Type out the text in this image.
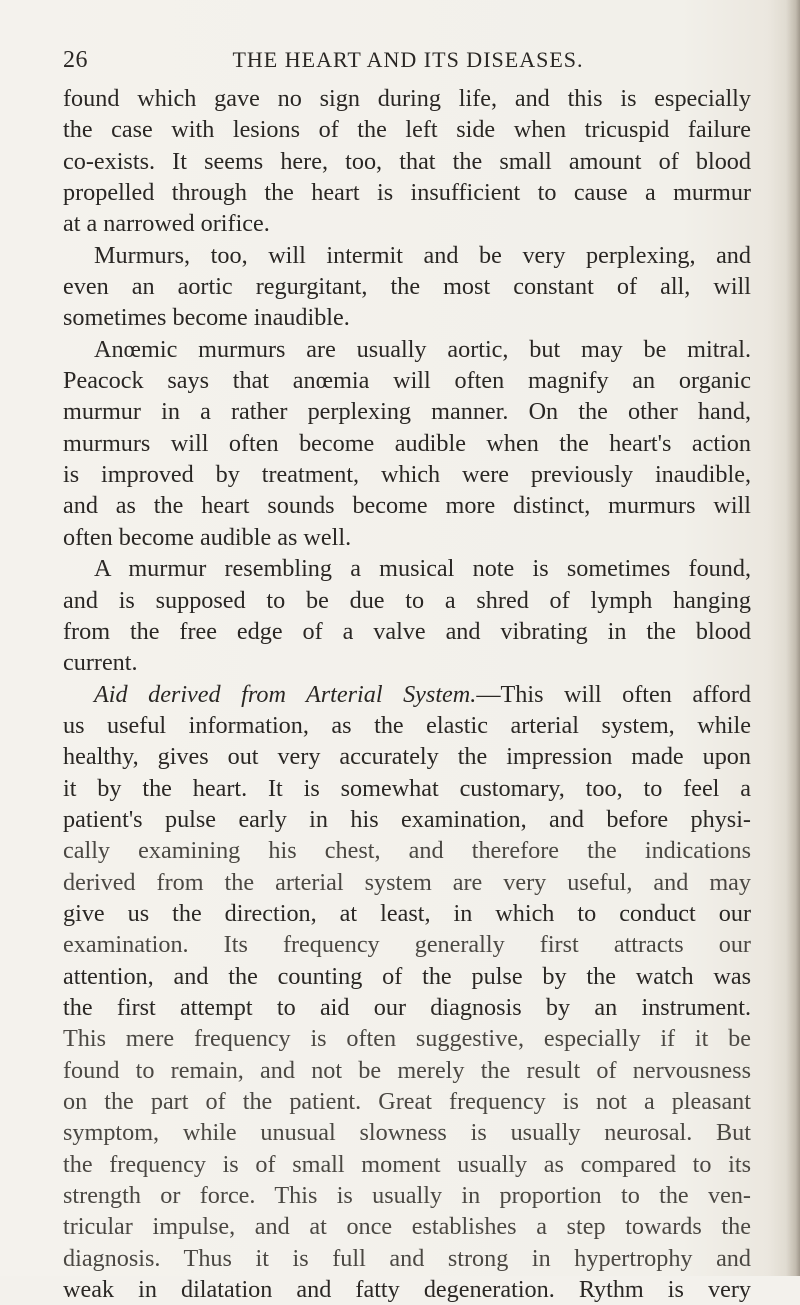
26	THE HEART AND ITS DISEASES.
found which gave no sign during life, and this is especially
the case with lesions of the left side when tricuspid failure
co-exists. It seems here, too, that the small amount of blood
propelled through the heart is insufficient to cause a murmur
at a narrowed orifice.
Murmurs, too, will intermit and be very perplexing, and
even an aortic regurgitant, the most constant of all, will
sometimes become inaudible.
Anœmic murmurs are usually aortic, but may be mitral.
Peacock says that anœmia will often magnify an organic
murmur in a rather perplexing manner. On the other hand,
murmurs will often become audible when the heart's action
is improved by treatment, which were previously inaudible,
and as the heart sounds become more distinct, murmurs will
often become audible as well.
A murmur resembling a musical note is sometimes found,
and is supposed to be due to a shred of lymph hanging
from the free edge of a valve and vibrating in the blood
current.
Aid derived from Arterial System.—This will often afford
us useful information, as the elastic arterial system, while
healthy, gives out very accurately the impression made upon
it by the heart. It is somewhat customary, too, to feel a
patient's pulse early in his examination, and before physi-
cally examining his chest, and therefore the indications
derived from the arterial system are very useful, and may
give us the direction, at least, in which to conduct our
examination. Its frequency generally first attracts our
attention, and the counting of the pulse by the watch was
the first attempt to aid our diagnosis by an instrument.
This mere frequency is often suggestive, especially if it be
found to remain, and not be merely the result of nervousness
on the part of the patient. Great frequency is not a pleasant
symptom, while unusual slowness is usually neurosal. But
the frequency is of small moment usually as compared to its
strength or force. This is usually in proportion to the ven-
tricular impulse, and at once establishes a step towards the
diagnosis. Thus it is full and strong in hypertrophy and
weak in dilatation and fatty degeneration. Rythm is very
